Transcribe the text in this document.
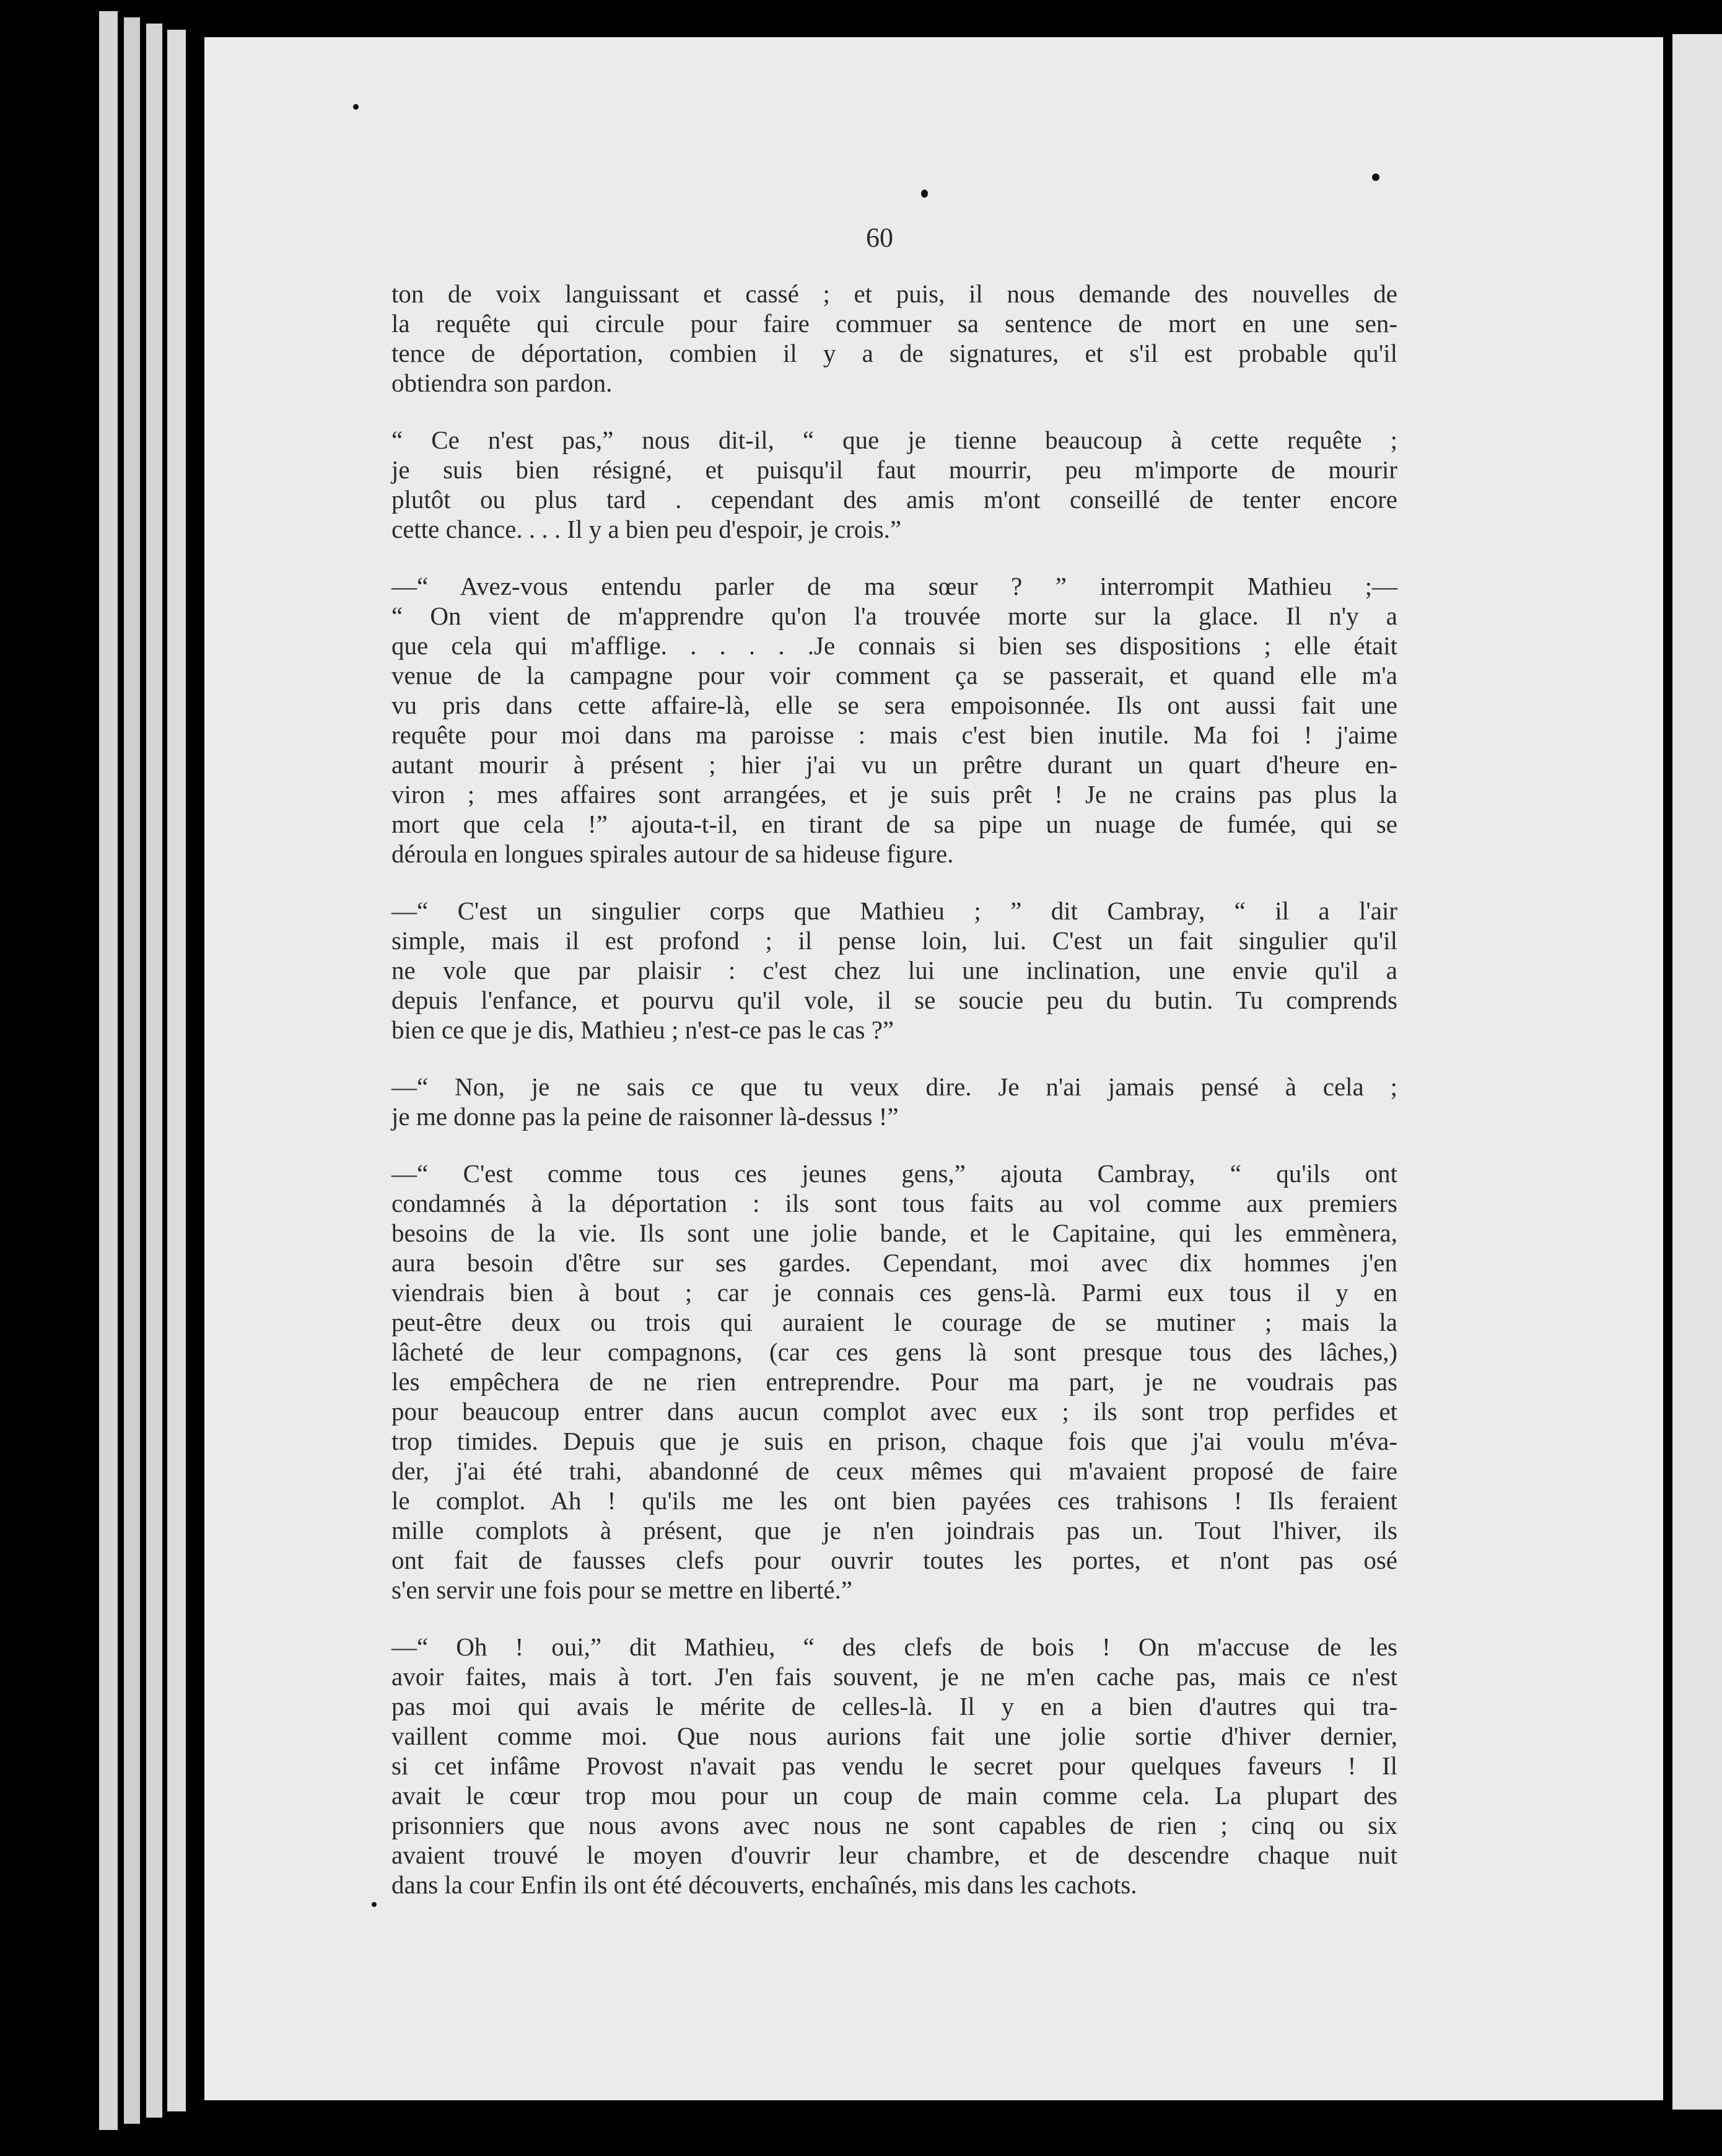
60
ton de voix languissant et cassé ; et puis, il nous demande des nouvelles de
la requête qui circule pour faire commuer sa sentence de mort en une sen-
tence de déportation, combien il y a de signatures, et s'il est probable qu'il
obtiendra son pardon.
“ Ce n'est pas,” nous dit-il, “ que je tienne beaucoup à cette requête ;
je suis bien résigné, et puisqu'il faut mourrir, peu m'importe de mourir
plutôt ou plus tard . cependant des amis m'ont conseillé de tenter encore
cette chance. . . . Il y a bien peu d'espoir, je crois.”
—“ Avez-vous entendu parler de ma sœur ? ” interrompit Mathieu ;—
“ On vient de m'apprendre qu'on l'a trouvée morte sur la glace. Il n'y a
que cela qui m'afflige. . . . . .Je connais si bien ses dispositions ; elle était
venue de la campagne pour voir comment ça se passerait, et quand elle m'a
vu pris dans cette affaire-là, elle se sera empoisonnée. Ils ont aussi fait une
requête pour moi dans ma paroisse : mais c'est bien inutile. Ma foi ! j'aime
autant mourir à présent ; hier j'ai vu un prêtre durant un quart d'heure en-
viron ; mes affaires sont arrangées, et je suis prêt ! Je ne crains pas plus la
mort que cela !” ajouta-t-il, en tirant de sa pipe un nuage de fumée, qui se
déroula en longues spirales autour de sa hideuse figure.
—“ C'est un singulier corps que Mathieu ; ” dit Cambray, “ il a l'air
simple, mais il est profond ; il pense loin, lui. C'est un fait singulier qu'il
ne vole que par plaisir : c'est chez lui une inclination, une envie qu'il a
depuis l'enfance, et pourvu qu'il vole, il se soucie peu du butin. Tu comprends
bien ce que je dis, Mathieu ; n'est-ce pas le cas ?”
—“ Non, je ne sais ce que tu veux dire. Je n'ai jamais pensé à cela ;
je me donne pas la peine de raisonner là-dessus !”
—“ C'est comme tous ces jeunes gens,” ajouta Cambray, “ qu'ils ont
condamnés à la déportation : ils sont tous faits au vol comme aux premiers
besoins de la vie. Ils sont une jolie bande, et le Capitaine, qui les emmènera,
aura besoin d'être sur ses gardes. Cependant, moi avec dix hommes j'en
viendrais bien à bout ; car je connais ces gens-là. Parmi eux tous il y en
peut-être deux ou trois qui auraient le courage de se mutiner ; mais la
lâcheté de leur compagnons, (car ces gens là sont presque tous des lâches,)
les empêchera de ne rien entreprendre. Pour ma part, je ne voudrais pas
pour beaucoup entrer dans aucun complot avec eux ; ils sont trop perfides et
trop timides. Depuis que je suis en prison, chaque fois que j'ai voulu m'éva-
der, j'ai été trahi, abandonné de ceux mêmes qui m'avaient proposé de faire
le complot. Ah ! qu'ils me les ont bien payées ces trahisons ! Ils feraient
mille complots à présent, que je n'en joindrais pas un. Tout l'hiver, ils
ont fait de fausses clefs pour ouvrir toutes les portes, et n'ont pas osé
s'en servir une fois pour se mettre en liberté.”
—“ Oh ! oui,” dit Mathieu, “ des clefs de bois ! On m'accuse de les
avoir faites, mais à tort. J'en fais souvent, je ne m'en cache pas, mais ce n'est
pas moi qui avais le mérite de celles-là. Il y en a bien d'autres qui tra-
vaillent comme moi. Que nous aurions fait une jolie sortie d'hiver dernier,
si cet infâme Provost n'avait pas vendu le secret pour quelques faveurs ! Il
avait le cœur trop mou pour un coup de main comme cela. La plupart des
prisonniers que nous avons avec nous ne sont capables de rien ; cinq ou six
avaient trouvé le moyen d'ouvrir leur chambre, et de descendre chaque nuit
dans la cour Enfin ils ont été découverts, enchaînés, mis dans les cachots.
